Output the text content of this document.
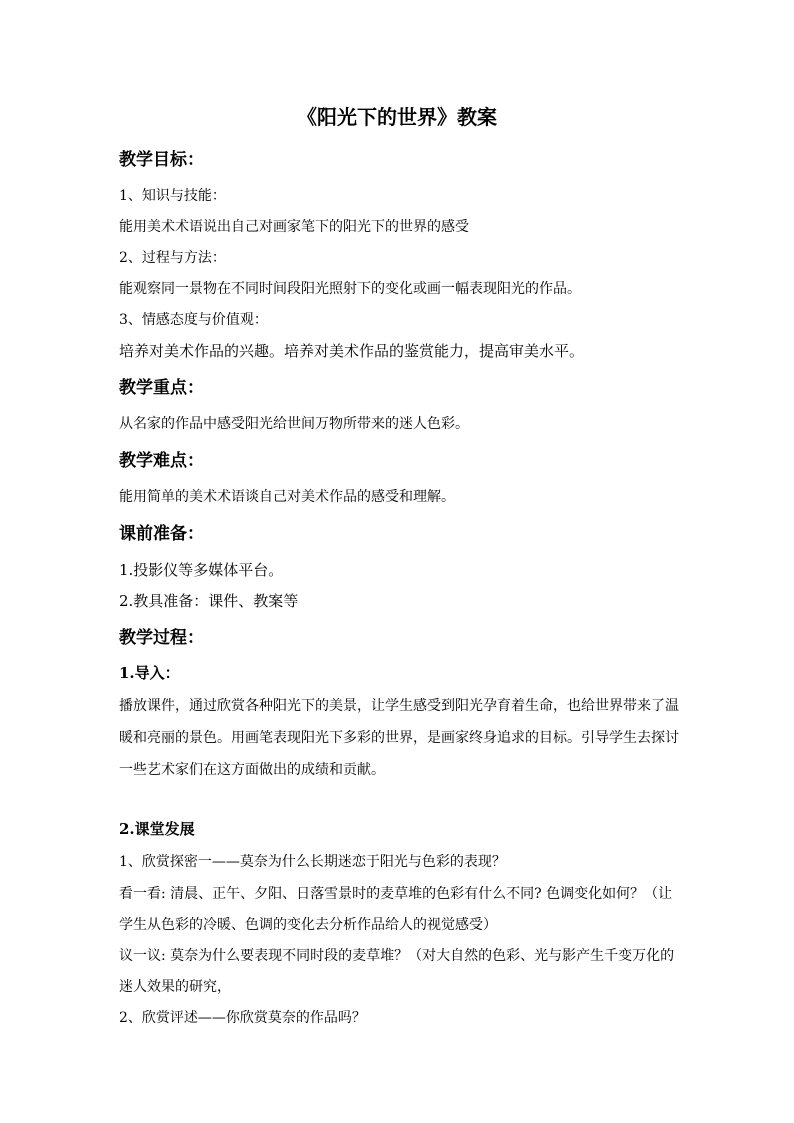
《阳光下的世界》教案
教学目标：
1、知识与技能：
能用美术术语说出自己对画家笔下的阳光下的世界的感受
2、过程与方法：
能观察同一景物在不同时间段阳光照射下的变化或画一幅表现阳光的作品。
3、情感态度与价值观：
培养对美术作品的兴趣。培养对美术作品的鉴赏能力，提高审美水平。
教学重点：
从名家的作品中感受阳光给世间万物所带来的迷人色彩。
教学难点：
能用简单的美术术语谈自己对美术作品的感受和理解。
课前准备：
1.投影仪等多媒体平台。
2.教具准备：课件、教案等
教学过程：
1.导入：
播放课件，通过欣赏各种阳光下的美景，让学生感受到阳光孕育着生命，也给世界带来了温
暖和亮丽的景色。用画笔表现阳光下多彩的世界，是画家终身追求的目标。引导学生去探讨
一些艺术家们在这方面做出的成绩和贡献。
2.课堂发展
1、欣赏探密一——莫奈为什么长期迷恋于阳光与色彩的表现？
看一看: 清晨、正午、夕阳、日落雪景时的麦草堆的色彩有什么不同? 色调变化如何？（让
学生从色彩的冷暖、色调的变化去分析作品给人的视觉感受）
议一议: 莫奈为什么要表现不同时段的麦草堆？（对大自然的色彩、光与影产生千变万化的
迷人效果的研究，
2、欣赏评述——你欣赏莫奈的作品吗？
